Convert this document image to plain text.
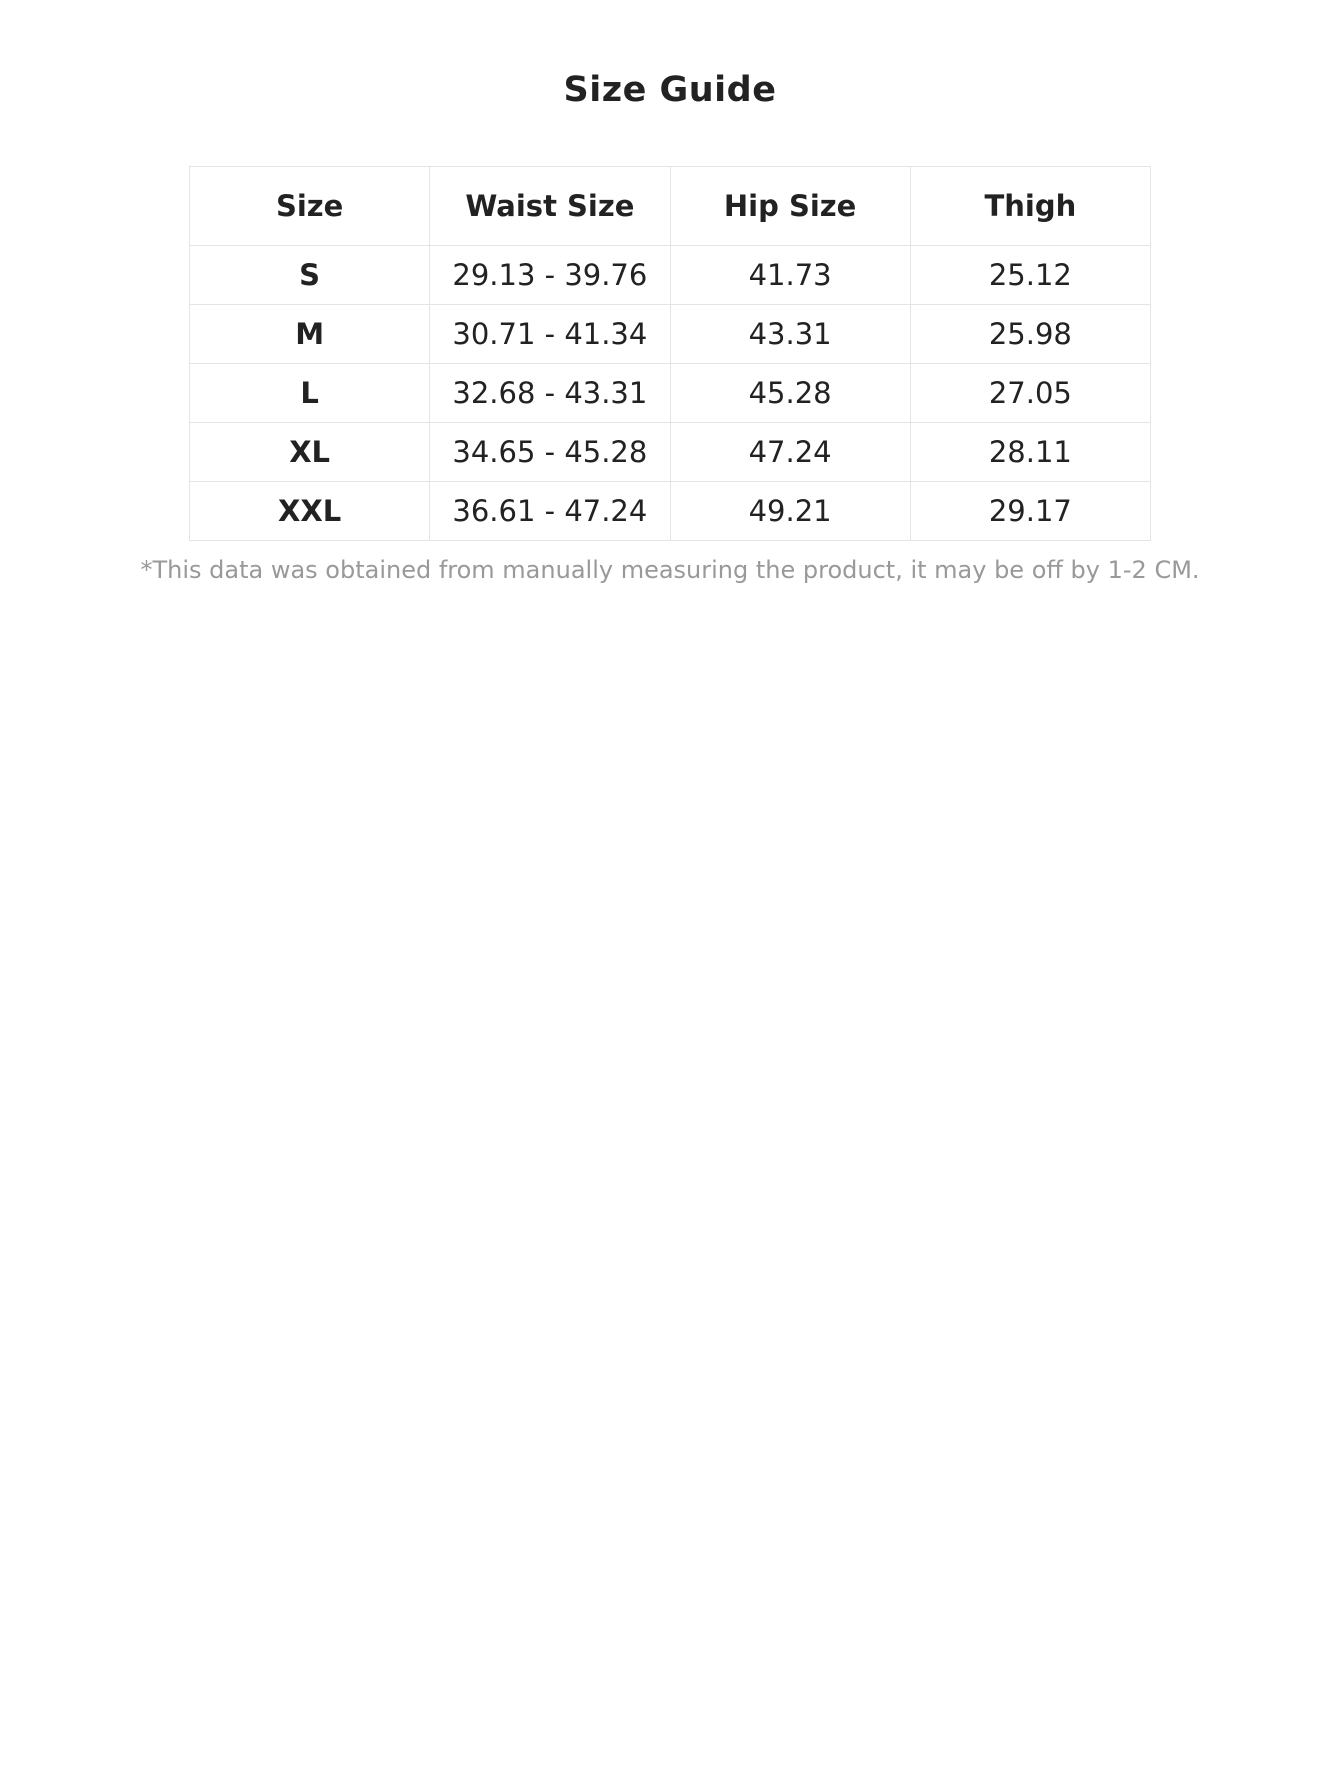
Size Guide
Size	Waist Size	Hip Size	Thigh
S	29.13 - 39.76	41.73	25.12
M	30.71 - 41.34	43.31	25.98
L	32.68 - 43.31	45.28	27.05
XL	34.65 - 45.28	47.24	28.11
XXL	36.61 - 47.24	49.21	29.17

*This data was obtained from manually measuring the product, it may be off by 1-2 CM.
